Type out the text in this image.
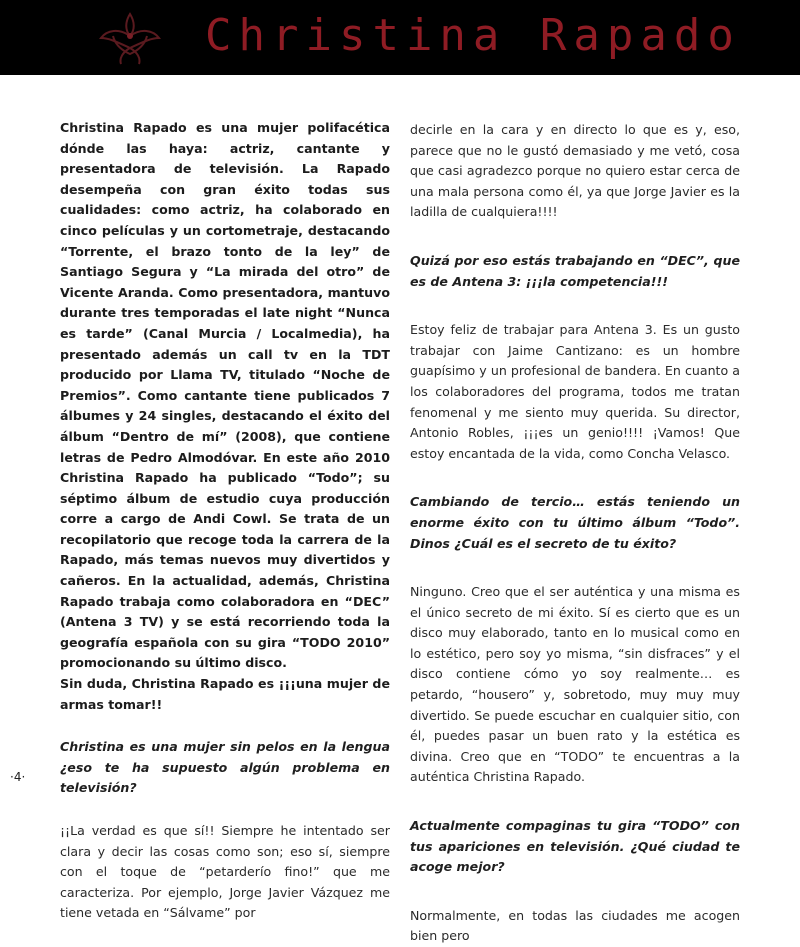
Christina Rapado

Christina Rapado es una mujer polifacética dónde las haya: actriz, cantante y presentadora de televisión. La Rapado desempeña con gran éxito todas sus cualidades: como actriz, ha colaborado en cinco películas y un cortometraje, destacando “Torrente, el brazo tonto de la ley” de Santiago Segura y “La mirada del otro” de Vicente Aranda. Como presentadora, mantuvo durante tres temporadas el late night “Nunca es tarde” (Canal Murcia / Localmedia), ha presentado además un call tv en la TDT producido por Llama TV, titulado “Noche de Premios”. Como cantante tiene publicados 7 álbumes y 24 singles, destacando el éxito del álbum “Dentro de mí” (2008), que contiene letras de Pedro Almodóvar. En este año 2010 Christina Rapado ha publicado “Todo”; su séptimo álbum de estudio cuya producción corre a cargo de Andi Cowl. Se trata de un recopilatorio que recoge toda la carrera de la Rapado, más temas nuevos muy divertidos y cañeros. En la actualidad, además, Christina Rapado trabaja como colaboradora en “DEC” (Antena 3 TV) y se está recorriendo toda la geografía española con su gira “TODO 2010” promocionando su último disco.

Sin duda, Christina Rapado es ¡¡¡una mujer de armas tomar!!

Christina es una mujer sin pelos en la lengua ¿eso te ha supuesto algún problema en televisión?

¡¡La verdad es que sí!! Siempre he intentado ser clara y decir las cosas como son; eso sí, siempre con el toque de “petarderío fino!” que me caracteriza. Por ejemplo, Jorge Javier Vázquez me tiene vetada en “Sálvame” por

decirle en la cara y en directo lo que es y, eso, parece que no le gustó demasiado y me vetó, cosa que casi agradezco porque no quiero estar cerca de una mala persona como él, ya que Jorge Javier es la ladilla de cualquiera!!!!

Quizá por eso estás trabajando en “DEC”, que es de Antena 3: ¡¡¡la competencia!!!

Estoy feliz de trabajar para Antena 3. Es un gusto trabajar con Jaime Cantizano: es un hombre guapísimo y un profesional de bandera. En cuanto a los colaboradores del programa, todos me tratan fenomenal y me siento muy querida. Su director, Antonio Robles, ¡¡¡es un genio!!!! ¡Vamos! Que estoy encantada de la vida, como Concha Velasco.

Cambiando de tercio… estás teniendo un enorme éxito con tu último álbum “Todo”. Dinos ¿Cuál es el secreto de tu éxito?

Ninguno. Creo que el ser auténtica y una misma es el único secreto de mi éxito. Sí es cierto que es un disco muy elaborado, tanto en lo musical como en lo estético, pero soy yo misma, “sin disfraces” y el disco contiene cómo yo soy realmente… es petardo, “housero” y, sobretodo, muy muy muy divertido. Se puede escuchar en cualquier sitio, con él, puedes pasar un buen rato y la estética es divina. Creo que en “TODO” te encuentras a la auténtica Christina Rapado.

Actualmente compaginas tu gira “TODO” con tus apariciones en televisión. ¿Qué ciudad te acoge mejor?

Normalmente, en todas las ciudades me acogen bien pero

·4·
